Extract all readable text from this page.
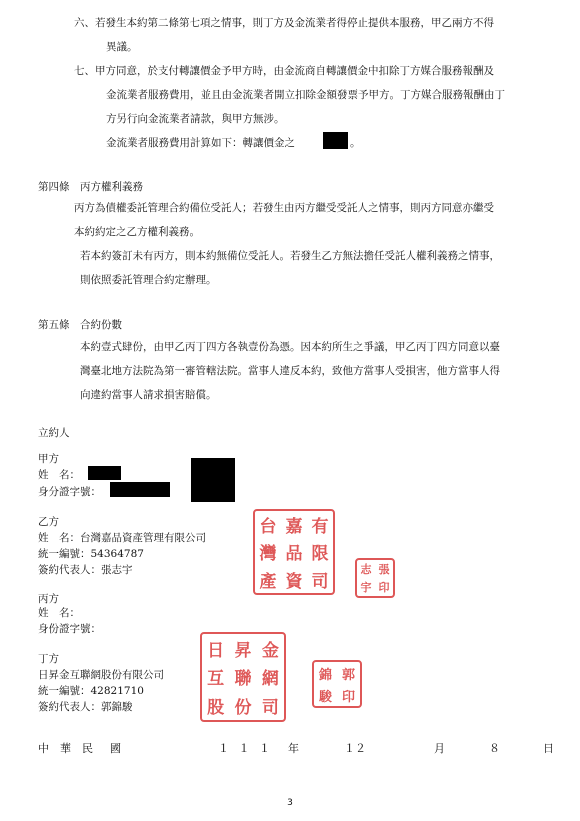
六、若發生本約第二條第七項之情事，則丁方及金流業者得停止提供本服務，甲乙兩方不得
異議。
七、甲方同意，於支付轉讓價金予甲方時，由金流商自轉讓價金中扣除丁方媒合服務報酬及
金流業者服務費用，並且由金流業者開立扣除金額發票予甲方。丁方媒合服務報酬由丁
方另行向金流業者請款，與甲方無涉。
金流業者服務費用計算如下：轉讓價金之	。
第四條　丙方權利義務
丙方為債權委託管理合約備位受託人；若發生由丙方繼受受託人之情事，則丙方同意亦繼受
本約約定之乙方權利義務。
若本約簽訂未有丙方，則本約無備位受託人。若發生乙方無法擔任受託人權利義務之情事，
則依照委託管理合約定辦理。
第五條　合約份數
本約壹式肆份，由甲乙丙丁四方各執壹份為憑。因本約所生之爭議，甲乙丙丁四方同意以臺
灣臺北地方法院為第一審管轄法院。當事人違反本約，致他方當事人受損害，他方當事人得
向違約當事人請求損害賠償。
立約人
甲方
姓　名：
身分證字號：
乙方
姓　名：台灣嘉品資產管理有限公司
統一編號：54364787
簽約代表人：張志宇
台 嘉 有
灣 品 限
產 資 司
志 張
宇 印
丙方
姓　名：
身份證字號：
丁方
日昇金互聯網股份有限公司
統一編號：42821710
簽約代表人：郭錦駿
日 昇 金
互 聯 網
股 份 司
錦 郭
駿 印
中 華 民 國	１ １ １ 年	１２	月	８	日
3
